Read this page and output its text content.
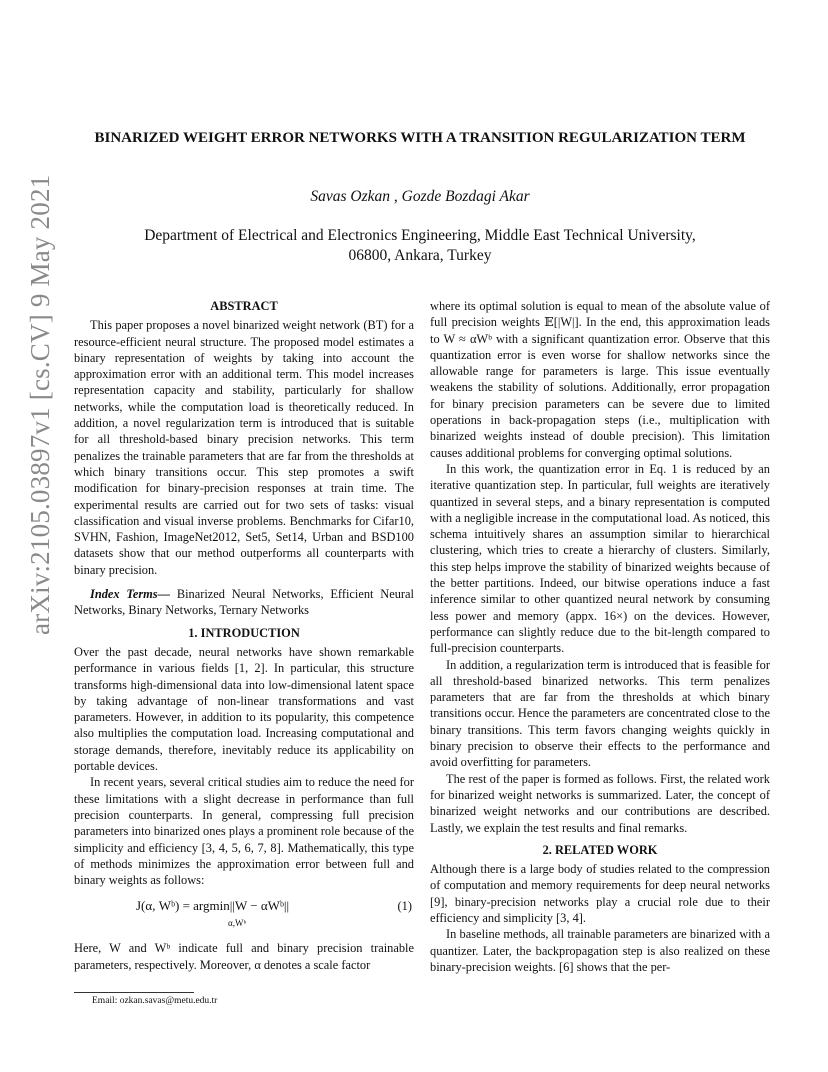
arXiv:2105.03897v1 [cs.CV] 9 May 2021
BINARIZED WEIGHT ERROR NETWORKS WITH A TRANSITION REGULARIZATION TERM
Savas Ozkan , Gozde Bozdagi Akar
Department of Electrical and Electronics Engineering, Middle East Technical University,
06800, Ankara, Turkey
ABSTRACT

This paper proposes a novel binarized weight network (BT) for a resource-efficient neural structure. The proposed model estimates a binary representation of weights by taking into account the approximation error with an additional term. This model increases representation capacity and stability, particularly for shallow networks, while the computation load is theoretically reduced. In addition, a novel regularization term is introduced that is suitable for all threshold-based binary precision networks. This term penalizes the trainable parameters that are far from the thresholds at which binary transitions occur. This step promotes a swift modification for binary-precision responses at train time. The experimental results are carried out for two sets of tasks: visual classification and visual inverse problems. Benchmarks for Cifar10, SVHN, Fashion, ImageNet2012, Set5, Set14, Urban and BSD100 datasets show that our method outperforms all counterparts with binary precision.

Index Terms— Binarized Neural Networks, Efficient Neural Networks, Binary Networks, Ternary Networks

1. INTRODUCTION

Over the past decade, neural networks have shown remarkable performance in various fields [1, 2]. In particular, this structure transforms high-dimensional data into low-dimensional latent space by taking advantage of non-linear transformations and vast parameters. However, in addition to its popularity, this competence also multiplies the computation load. Increasing computational and storage demands, therefore, inevitably reduce its applicability on portable devices.

In recent years, several critical studies aim to reduce the need for these limitations with a slight decrease in performance than full precision counterparts. In general, compressing full precision parameters into binarized ones plays a prominent role because of the simplicity and efficiency [3, 4, 5, 6, 7, 8]. Mathematically, this type of methods minimizes the approximation error between full and binary weights as follows:

J(α, Wᵇ) = argmin||W − αWᵇ||
α,Wᵇ
(1)

Here, W and Wᵇ indicate full and binary precision trainable parameters, respectively. Moreover, α denotes a scale factor

where its optimal solution is equal to mean of the absolute value of full precision weights 𝔼[|W|]. In the end, this approximation leads to W ≈ αWᵇ with a significant quantization error. Observe that this quantization error is even worse for shallow networks since the allowable range for parameters is large. This issue eventually weakens the stability of solutions. Additionally, error propagation for binary precision parameters can be severe due to limited operations in back-propagation steps (i.e., multiplication with binarized weights instead of double precision). This limitation causes additional problems for converging optimal solutions.

In this work, the quantization error in Eq. 1 is reduced by an iterative quantization step. In particular, full weights are iteratively quantized in several steps, and a binary representation is computed with a negligible increase in the computational load. As noticed, this schema intuitively shares an assumption similar to hierarchical clustering, which tries to create a hierarchy of clusters. Similarly, this step helps improve the stability of binarized weights because of the better partitions. Indeed, our bitwise operations induce a fast inference similar to other quantized neural network by consuming less power and memory (appx. 16×) on the devices. However, performance can slightly reduce due to the bit-length compared to full-precision counterparts.

In addition, a regularization term is introduced that is feasible for all threshold-based binarized networks. This term penalizes parameters that are far from the thresholds at which binary transitions occur. Hence the parameters are concentrated close to the binary transitions. This term favors changing weights quickly in binary precision to observe their effects to the performance and avoid overfitting for parameters.

The rest of the paper is formed as follows. First, the related work for binarized weight networks is summarized. Later, the concept of binarized weight networks and our contributions are described. Lastly, we explain the test results and final remarks.

2. RELATED WORK

Although there is a large body of studies related to the compression of computation and memory requirements for deep neural networks [9], binary-precision networks play a crucial role due to their efficiency and simplicity [3, 4].

In baseline methods, all trainable parameters are binarized with a quantizer. Later, the backpropagation step is also realized on these binary-precision weights. [6] shows that the per-

Email: ozkan.savas@metu.edu.tr
